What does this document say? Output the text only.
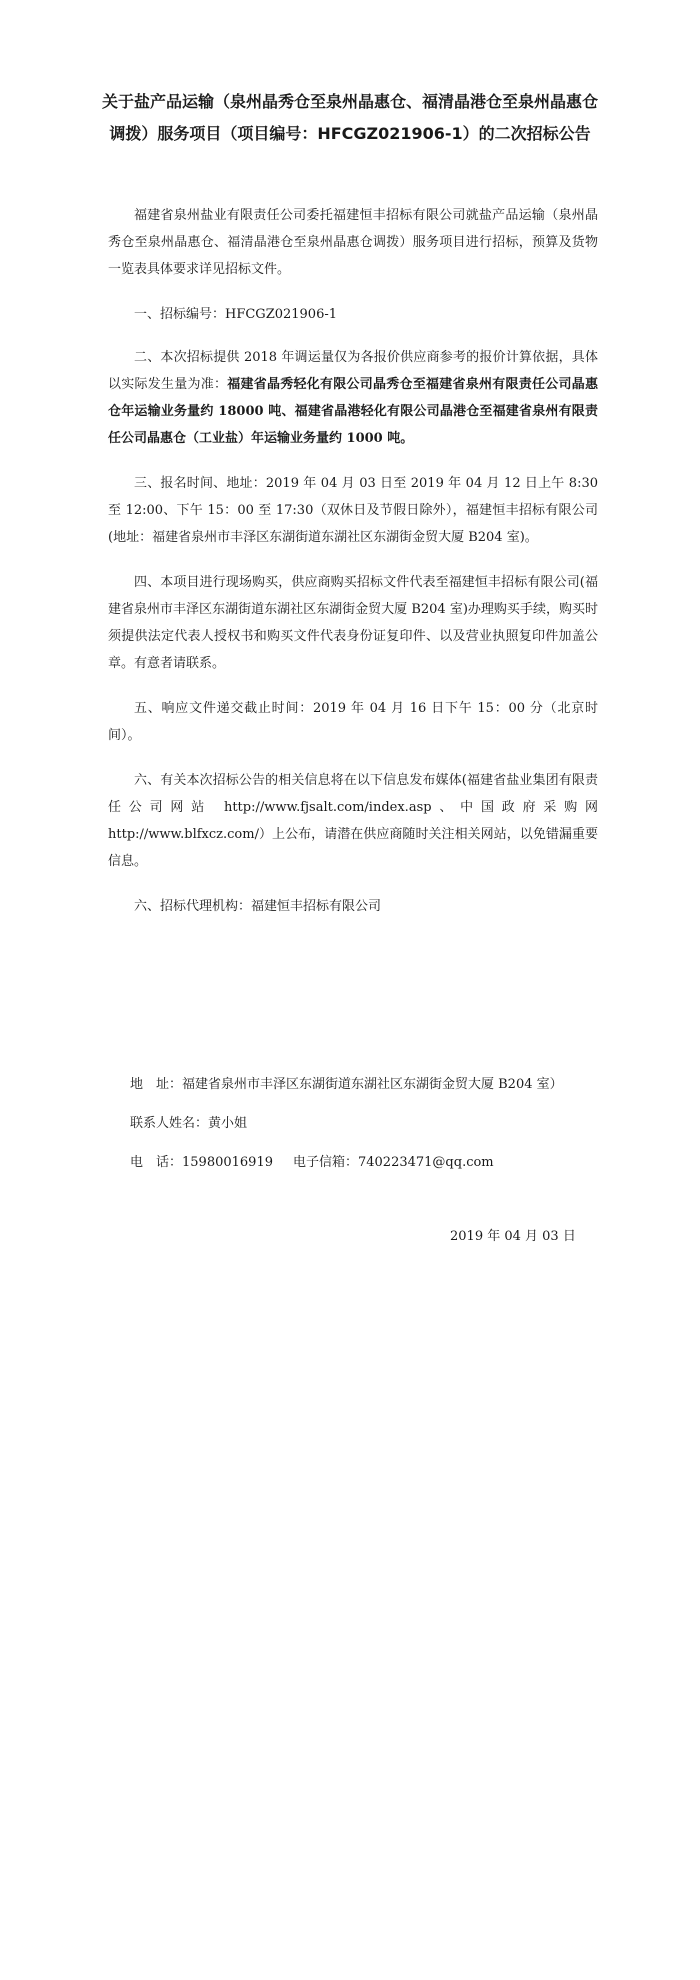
关于盐产品运输（泉州晶秀仓至泉州晶惠仓、福清晶港仓至泉州晶惠仓调拨）服务项目（项目编号：HFCGZ021906-1）的二次招标公告

福建省泉州盐业有限责任公司委托福建恒丰招标有限公司就盐产品运输（泉州晶秀仓至泉州晶惠仓、福清晶港仓至泉州晶惠仓调拨）服务项目进行招标，预算及货物一览表具体要求详见招标文件。

一、招标编号：HFCGZ021906-1

二、本次招标提供 2018 年调运量仅为各报价供应商参考的报价计算依据，具体以实际发生量为准：福建省晶秀轻化有限公司晶秀仓至福建省泉州有限责任公司晶惠仓年运输业务量约 18000 吨、福建省晶港轻化有限公司晶港仓至福建省泉州有限责任公司晶惠仓（工业盐）年运输业务量约 1000 吨。

三、报名时间、地址：2019 年 04 月 03 日至 2019 年 04 月 12 日上午 8:30 至 12:00、下午 15：00 至 17:30（双休日及节假日除外），福建恒丰招标有限公司(地址：福建省泉州市丰泽区东湖街道东湖社区东湖街金贸大厦 B204 室)。

四、本项目进行现场购买，供应商购买招标文件代表至福建恒丰招标有限公司(福建省泉州市丰泽区东湖街道东湖社区东湖街金贸大厦 B204 室)办理购买手续，购买时须提供法定代表人授权书和购买文件代表身份证复印件、以及营业执照复印件加盖公章。有意者请联系。

五、响应文件递交截止时间：2019 年 04 月 16 日下午 15：00 分（北京时间）。

六、有关本次招标公告的相关信息将在以下信息发布媒体(福建省盐业集团有限责任公司网站 http://www.fjsalt.com/index.asp、中国政府采购网 http://www.blfxcz.com/）上公布，请潜在供应商随时关注相关网站，以免错漏重要信息。

六、招标代理机构：福建恒丰招标有限公司

地　址：福建省泉州市丰泽区东湖街道东湖社区东湖街金贸大厦 B204 室）
联系人姓名：黄小姐
电　话：15980016919 电子信箱：740223471@qq.com
2019 年 04 月 03 日
